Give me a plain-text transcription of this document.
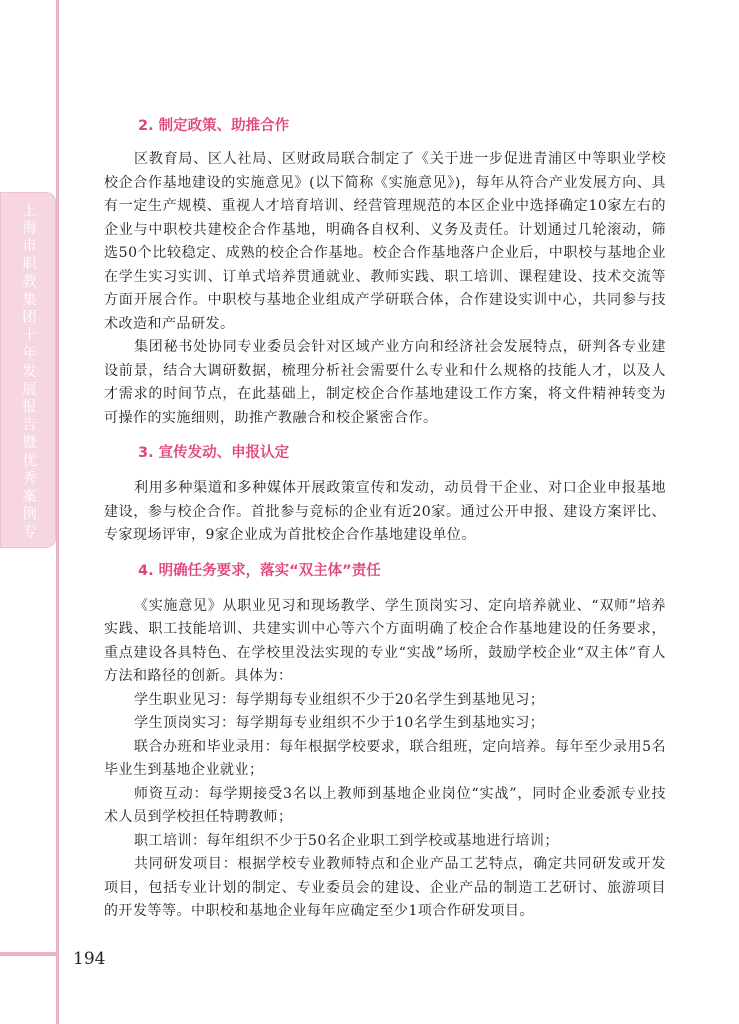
上海市职教集团十年发展报告暨优秀案例专
2. 制定政策、助推合作

区教育局、区人社局、区财政局联合制定了《关于进一步促进青浦区中等职业学校校企合作基地建设的实施意见》(以下简称《实施意见》)，每年从符合产业发展方向、具有一定生产规模、重视人才培育培训、经营管理规范的本区企业中选择确定10家左右的企业与中职校共建校企合作基地，明确各自权利、义务及责任。计划通过几轮滚动，筛选50个比较稳定、成熟的校企合作基地。校企合作基地落户企业后，中职校与基地企业在学生实习实训、订单式培养贯通就业、教师实践、职工培训、课程建设、技术交流等方面开展合作。中职校与基地企业组成产学研联合体，合作建设实训中心，共同参与技术改造和产品研发。

集团秘书处协同专业委员会针对区域产业方向和经济社会发展特点，研判各专业建设前景，结合大调研数据，梳理分析社会需要什么专业和什么规格的技能人才，以及人才需求的时间节点，在此基础上，制定校企合作基地建设工作方案，将文件精神转变为可操作的实施细则，助推产教融合和校企紧密合作。

3. 宣传发动、申报认定

利用多种渠道和多种媒体开展政策宣传和发动，动员骨干企业、对口企业申报基地建设，参与校企合作。首批参与竞标的企业有近20家。通过公开申报、建设方案评比、专家现场评审，9家企业成为首批校企合作基地建设单位。

4. 明确任务要求，落实“双主体”责任

《实施意见》从职业见习和现场教学、学生顶岗实习、定向培养就业、“双师”培养实践、职工技能培训、共建实训中心等六个方面明确了校企合作基地建设的任务要求，重点建设各具特色、在学校里没法实现的专业“实战”场所，鼓励学校企业“双主体”育人方法和路径的创新。具体为：

学生职业见习：每学期每专业组织不少于20名学生到基地见习；

学生顶岗实习：每学期每专业组织不少于10名学生到基地实习；

联合办班和毕业录用：每年根据学校要求，联合组班，定向培养。每年至少录用5名毕业生到基地企业就业；

师资互动：每学期接受3名以上教师到基地企业岗位“实战”，同时企业委派专业技术人员到学校担任特聘教师；

职工培训：每年组织不少于50名企业职工到学校或基地进行培训；

共同研发项目：根据学校专业教师特点和企业产品工艺特点，确定共同研发或开发项目，包括专业计划的制定、专业委员会的建设、企业产品的制造工艺研讨、旅游项目的开发等等。中职校和基地企业每年应确定至少1项合作研发项目。

194
